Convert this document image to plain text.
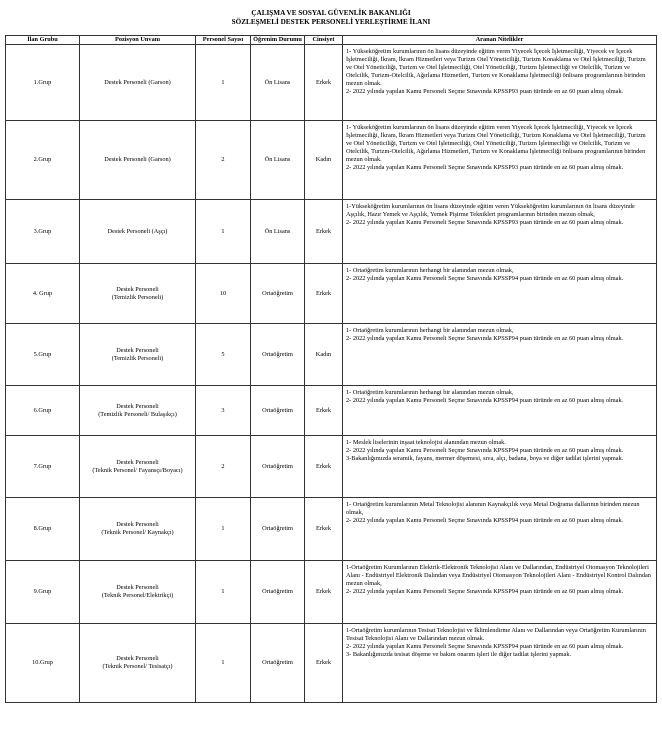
ÇALIŞMA VE SOSYAL GÜVENLİK BAKANLIĞI
SÖZLEŞMELİ DESTEK PERSONELİ YERLEŞTİRME İLANI
İlan Grubu	Pozisyon Unvanı	Personel Sayısı	Öğrenim Durumu	Cinsiyet	Aranan Nitelikler
1.Grup	Destek Personeli (Garson)	1	Ön Lisans	Erkek	1- Yükseköğretim kurumlarının ön lisans düzeyinde eğitim veren Yiyecek İçecek İşletmeciliği, Yiyecek ve İçecek İşletmeciliği, İkram, İkram Hizmetleri veya Turizm Otel Yöneticiliği, Turizm Konaklama ve Otel İşletmeciliği, Turizm ve Otel Yöneticiliği, Turizm ve Otel İşletmeciliği, Otel Yöneticiliği, Turizm İşletmeciliği ve Otelcilik, Turizm ve Otelcilik, Turizm-Otelcilik, Ağırlama Hizmetleri, Turizm ve Konaklama İşletmeciliği önlisans programlarının birinden mezun olmak.
2- 2022 yılında yapılan Kamu Personeli Seçme Sınavında KPSSP93 puan türünde en az 60 puan almış olmak.

2.Grup	Destek Personeli (Garson)	2	Ön Lisans	Kadın	1- Yükseköğretim kurumlarının ön lisans düzeyinde eğitim veren Yiyecek İçecek İşletmeciliği, Yiyecek ve İçecek İşletmeciliği, İkram, İkram Hizmetleri veya Turizm Otel Yöneticiliği, Turizm Konaklama ve Otel İşletmeciliği, Turizm ve Otel Yöneticiliği, Turizm ve Otel İşletmeciliği, Otel Yöneticiliği, Turizm İşletmeciliği ve Otelcilik, Turizm ve Otelcilik, Turizm-Otelcilik, Ağırlama Hizmetleri, Turizm ve Konaklama İşletmeciliği önlisans programlarının birinden mezun olmak.
2- 2022 yılında yapılan Kamu Personeli Seçme Sınavında KPSSP93 puan türünde en az 60 puan almış olmak.

3.Grup	Destek Personeli (Aşçı)	1	Ön Lisans	Erkek	1-Yükseköğretim kurumlarının ön lisans düzeyinde eğitim veren Yükseköğretim kurumlarının ön lisans düzeyinde Aşçılık, Hazır Yemek ve Aşçılık, Yemek Pişirme Teknikleri programlarının birinden mezun olmak,
2- 2022 yılında yapılan Kamu Personeli Seçme Sınavında KPSSP93 puan türünde en az 60 puan almış olmak.

4. Grup	Destek Personeli
(Temizlik Personeli)	10	Ortaöğretim	Erkek	1- Ortaöğretim kurumlarının herhangi bir alanından mezun olmak,
2- 2022 yılında yapılan Kamu Personeli Seçme Sınavında KPSSP94 puan türünde en az 60 puan almış olmak.

5.Grup	Destek Personeli
(Temizlik Personeli)	5	Ortaöğretim	Kadın	1- Ortaöğretim kurumlarının herhangi bir alanından mezun olmak,
2- 2022 yılında yapılan Kamu Personeli Seçme Sınavında KPSSP94 puan türünde en az 60 puan almış olmak.

6.Grup	Destek Personeli
(Temizlik Personeli/ Bulaşıkçı)	3	Ortaöğretim	Erkek	1- Ortaöğretim kurumlarının herhangi bir alanından mezun olmak,
2- 2022 yılında yapılan Kamu Personeli Seçme Sınavında KPSSP94 puan türünde en az 60 puan almış olmak.

7.Grup	Destek Personeli
(Teknik Personel/ Fayansçı/Boyacı)	2	Ortaöğretim	Erkek	1- Meslek liselerinin inşaat teknolojisi alanından mezun olmak.
2- 2022 yılında yapılan Kamu Personeli Seçme Sınavında KPSSP94 puan türünde en az 60 puan almış olmak.
3-Bakanlığımızda seramik, fayans, mermer döşemesi, sıva, alçı, badana, boya ve diğer tadilat işlerini yapmak.

8.Grup	Destek Personeli
(Teknik Personel/ Kaynakçı)	1	Ortaöğretim	Erkek	1- Ortaöğretim kurumlarının Metal Teknolojisi alanının Kaynakçılık veya Metal Doğrama dallarının birinden mezun olmak,
2- 2022 yılında yapılan Kamu Personeli Seçme Sınavında KPSSP94 puan türünde en az 60 puan almış olmak.

9.Grup	Destek Personeli
(Teknik Personel/Elektrikçi)	1	Ortaöğretim	Erkek	1-Ortaöğretim Kurumlarının Elektrik-Elektronik Teknolojisi Alanı ve Dallarından, Endüstriyel Otomasyon Teknolojileri Alanı - Endüstriyel Elektronik Dalından veya Endüstriyel Otomasyon Teknolojileri Alanı - Endüstriyel Kontrol Dalından mezun olmak,
2- 2022 yılında yapılan Kamu Personeli Seçme Sınavında KPSSP94 puan türünde en az 60 puan almış olmak.

10.Grup	Destek Personeli
(Teknik Personel/ Tesisatçı)	1	Ortaöğretim	Erkek	1-Ortaöğretim kurumlarının Tesisat Teknolojisi ve İklimlendirme Alanı ve Dallarından veya Ortaöğretim Kurumlarının Tesisat Teknolojisi Alanı ve Dallarından mezun olmak.
2- 2022 yılında yapılan Kamu Personeli Seçme Sınavında KPSSP94 puan türünde en az 60 puan almış olmak.
3- Bakanlığımızda tesisat döşeme ve bakım onarım işleri ile diğer tadilat işlerini yapmak.
